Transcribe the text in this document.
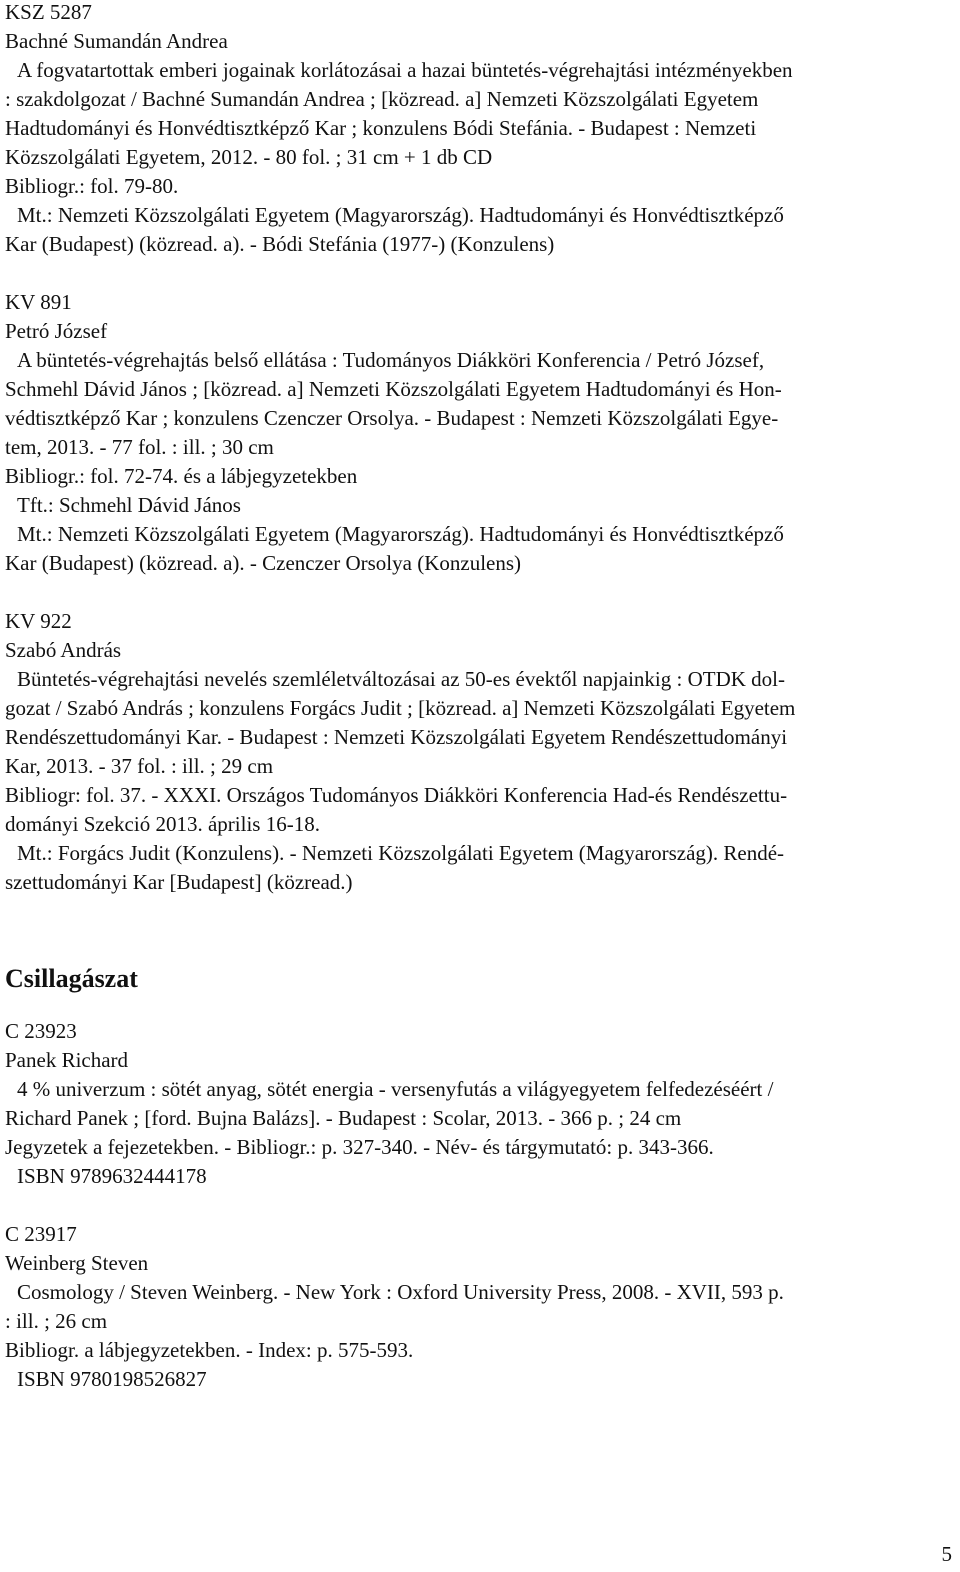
KSZ 5287

Bachné Sumandán Andrea

A fogvatartottak emberi jogainak korlátozásai a hazai büntetés-végrehajtási intézményekben

: szakdolgozat / Bachné Sumandán Andrea ; [közread. a] Nemzeti Közszolgálati Egyetem

Hadtudományi és Honvédtisztképző Kar ; konzulens Bódi Stefánia. - Budapest : Nemzeti

Közszolgálati Egyetem, 2012. - 80 fol. ; 31 cm + 1 db CD

Bibliogr.: fol. 79-80.

Mt.: Nemzeti Közszolgálati Egyetem (Magyarország). Hadtudományi és Honvédtisztképző

Kar (Budapest) (közread. a). - Bódi Stefánia (1977-) (Konzulens)

KV 891

Petró József

A büntetés-végrehajtás belső ellátása : Tudományos Diákköri Konferencia / Petró József,

Schmehl Dávid János ; [közread. a] Nemzeti Közszolgálati Egyetem Hadtudományi és Hon-

védtisztképző Kar ; konzulens Czenczer Orsolya. - Budapest : Nemzeti Közszolgálati Egye-

tem, 2013. - 77 fol. : ill. ; 30 cm

Bibliogr.: fol. 72-74. és a lábjegyzetekben

Tft.: Schmehl Dávid János

Mt.: Nemzeti Közszolgálati Egyetem (Magyarország). Hadtudományi és Honvédtisztképző

Kar (Budapest) (közread. a). - Czenczer Orsolya (Konzulens)

KV 922

Szabó András

Büntetés-végrehajtási nevelés szemléletváltozásai az 50-es évektől napjainkig : OTDK dol-

gozat / Szabó András ; konzulens Forgács Judit ; [közread. a] Nemzeti Közszolgálati Egyetem

Rendészettudományi Kar. - Budapest : Nemzeti Közszolgálati Egyetem Rendészettudományi

Kar, 2013. - 37 fol. : ill. ; 29 cm

Bibliogr: fol. 37. - XXXI. Országos Tudományos Diákköri Konferencia Had-és Rendészettu-

dományi Szekció 2013. április 16-18.

Mt.: Forgács Judit (Konzulens). - Nemzeti Közszolgálati Egyetem (Magyarország). Rendé-

szettudományi Kar [Budapest] (közread.)

Csillagászat

C 23923

Panek Richard

4 % univerzum : sötét anyag, sötét energia - versenyfutás a világyegyetem felfedezéséért /

Richard Panek ; [ford. Bujna Balázs]. - Budapest : Scolar, 2013. - 366 p. ; 24 cm

Jegyzetek a fejezetekben. - Bibliogr.: p. 327-340. - Név- és tárgymutató: p. 343-366.

ISBN 9789632444178

C 23917

Weinberg Steven

Cosmology / Steven Weinberg. - New York : Oxford University Press, 2008. - XVII, 593 p.

: ill. ; 26 cm

Bibliogr. a lábjegyzetekben. - Index: p. 575-593.

ISBN 9780198526827

5
